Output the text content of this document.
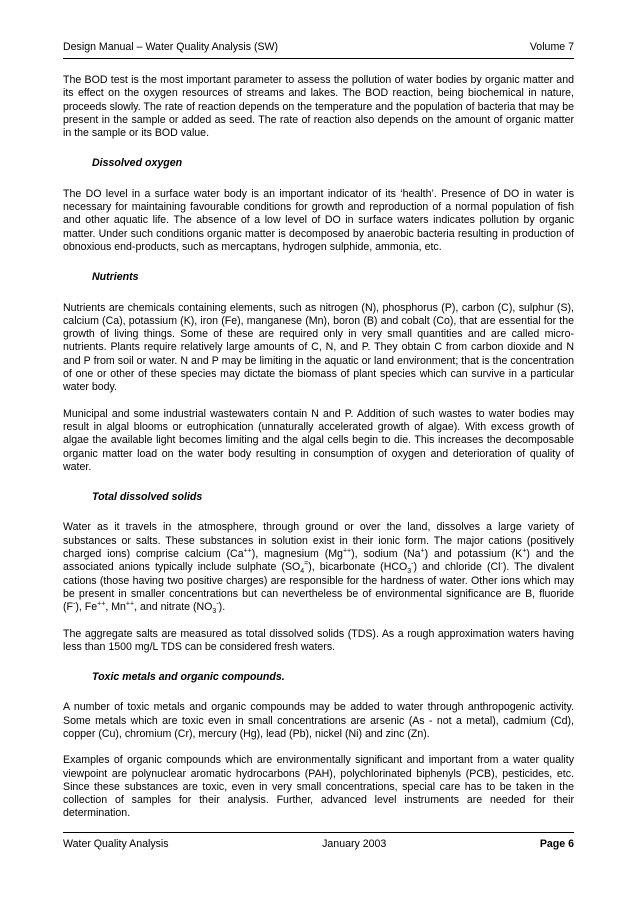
Design Manual – Water Quality Analysis (SW)	Volume 7

The BOD test is the most important parameter to assess the pollution of water bodies by organic matter and its effect on the oxygen resources of streams and lakes. The BOD reaction, being biochemical in nature, proceeds slowly. The rate of reaction depends on the temperature and the population of bacteria that may be present in the sample or added as seed. The rate of reaction also depends on the amount of organic matter in the sample or its BOD value.

Dissolved oxygen

The DO level in a surface water body is an important indicator of its ‘health’. Presence of DO in water is necessary for maintaining favourable conditions for growth and reproduction of a normal population of fish and other aquatic life. The absence of a low level of DO in surface waters indicates pollution by organic matter. Under such conditions organic matter is decomposed by anaerobic bacteria resulting in production of obnoxious end-products, such as mercaptans, hydrogen sulphide, ammonia, etc.

Nutrients

Nutrients are chemicals containing elements, such as nitrogen (N), phosphorus (P), carbon (C), sulphur (S), calcium (Ca), potassium (K), iron (Fe), manganese (Mn), boron (B) and cobalt (Co), that are essential for the growth of living things. Some of these are required only in very small quantities and are called micro-nutrients. Plants require relatively large amounts of C, N, and P. They obtain C from carbon dioxide and N and P from soil or water. N and P may be limiting in the aquatic or land environment; that is the concentration of one or other of these species may dictate the biomass of plant species which can survive in a particular water body.

Municipal and some industrial wastewaters contain N and P. Addition of such wastes to water bodies may result in algal blooms or eutrophication (unnaturally accelerated growth of algae). With excess growth of algae the available light becomes limiting and the algal cells begin to die. This increases the decomposable organic matter load on the water body resulting in consumption of oxygen and deterioration of quality of water.

Total dissolved solids

Water as it travels in the atmosphere, through ground or over the land, dissolves a large variety of substances or salts. These substances in solution exist in their ionic form. The major cations (positively charged ions) comprise calcium (Ca++), magnesium (Mg++), sodium (Na+) and potassium (K+) and the associated anions typically include sulphate $(SO_4^=)$, bicarbonate $(HCO_3^-)$ and chloride (Cl-). The divalent cations (those having two positive charges) are responsible for the hardness of water. Other ions which may be present in smaller concentrations but can nevertheless be of environmental significance are B, fluoride (F-), Fe++, Mn++, and nitrate $(NO_3^-)$.

The aggregate salts are measured as total dissolved solids (TDS). As a rough approximation waters having less than 1500 mg/L TDS can be considered fresh waters.

Toxic metals and organic compounds.

A number of toxic metals and organic compounds may be added to water through anthropogenic activity. Some metals which are toxic even in small concentrations are arsenic (As - not a metal), cadmium (Cd), copper (Cu), chromium (Cr), mercury (Hg), lead (Pb), nickel (Ni) and zinc (Zn).

Examples of organic compounds which are environmentally significant and important from a water quality viewpoint are polynuclear aromatic hydrocarbons (PAH), polychlorinated biphenyls (PCB), pesticides, etc. Since these substances are toxic, even in very small concentrations, special care has to be taken in the collection of samples for their analysis. Further, advanced level instruments are needed for their determination.

Water Quality Analysis	January 2003	Page 6
